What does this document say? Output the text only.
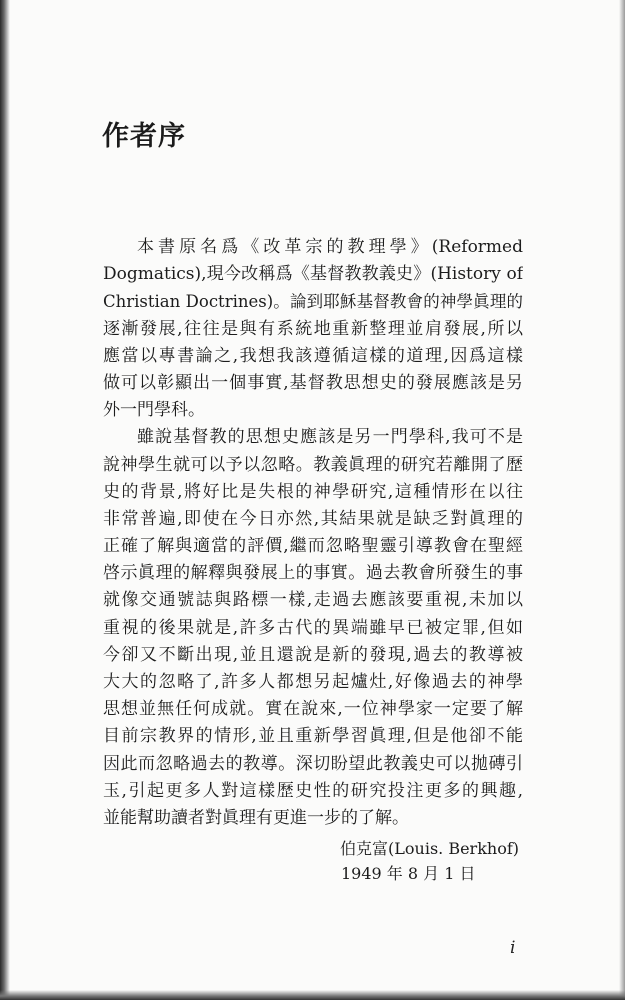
作者序
本書原名爲《改革宗的教理學》(Reformed
Dogmatics),現今改稱爲《基督教教義史》(History of
Christian Doctrines)。論到耶穌基督教會的神學眞理的
逐漸發展,往往是與有系統地重新整理並肩發展,所以
應當以專書論之,我想我該遵循這樣的道理,因爲這樣
做可以彰顯出一個事實,基督教思想史的發展應該是另
外一門學科。
雖說基督教的思想史應該是另一門學科,我可不是
說神學生就可以予以忽略。教義眞理的研究若離開了歷
史的背景,將好比是失根的神學研究,這種情形在以往
非常普遍,即使在今日亦然,其結果就是缺乏對眞理的
正確了解與適當的評價,繼而忽略聖靈引導教會在聖經
啓示眞理的解釋與發展上的事實。過去教會所發生的事
就像交通號誌與路標一樣,走過去應該要重視,未加以
重視的後果就是,許多古代的異端雖早已被定罪,但如
今卻又不斷出現,並且還說是新的發現,過去的教導被
大大的忽略了,許多人都想另起爐灶,好像過去的神學
思想並無任何成就。實在說來,一位神學家一定要了解
目前宗教界的情形,並且重新學習眞理,但是他卻不能
因此而忽略過去的教導。深切盼望此教義史可以拋磚引
玉,引起更多人對這樣歷史性的研究投注更多的興趣,
並能幫助讀者對眞理有更進一步的了解。
伯克富(Louis. Berkhof)
1949 年 8 月 1 日
i
